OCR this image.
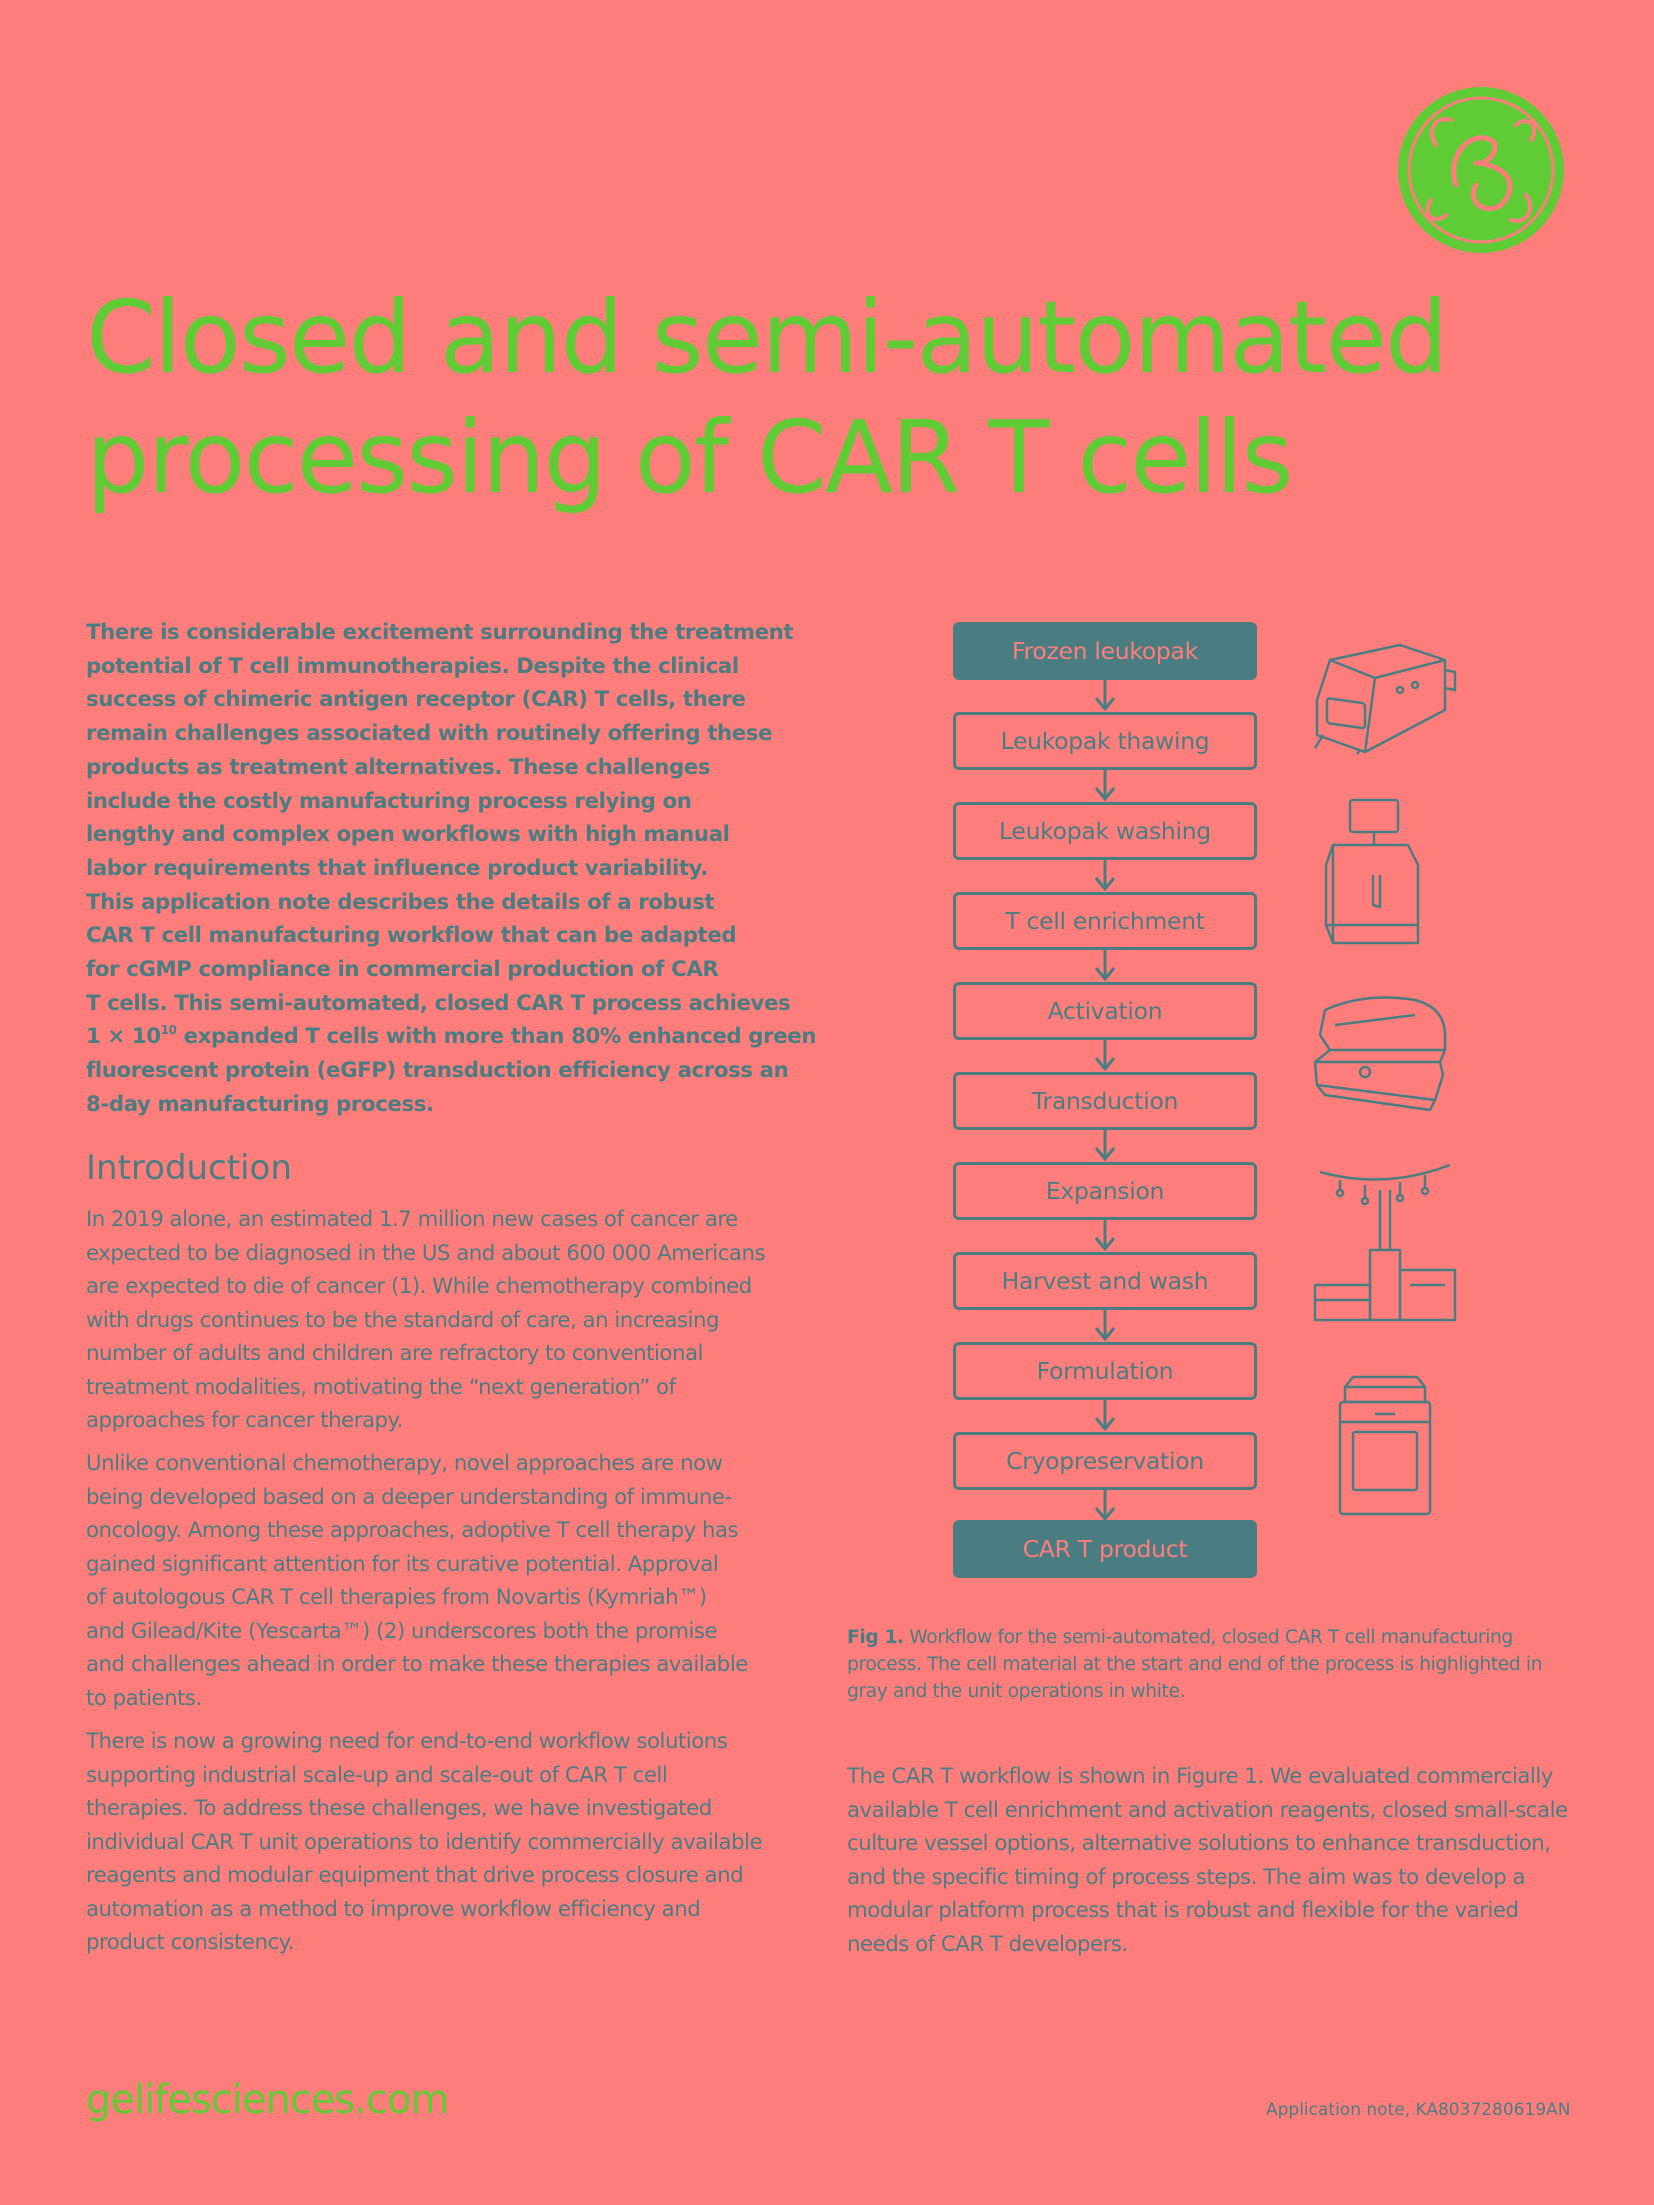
GE
Closed and semi-automated
processing of CAR T cells

There is considerable excitement surrounding the treatment
potential of T cell immunotherapies. Despite the clinical
success of chimeric antigen receptor (CAR) T cells, there
remain challenges associated with routinely offering these
products as treatment alternatives. These challenges
include the costly manufacturing process relying on
lengthy and complex open workflows with high manual
labor requirements that influence product variability.
This application note describes the details of a robust
CAR T cell manufacturing workflow that can be adapted
for cGMP compliance in commercial production of CAR
T cells. This semi-automated, closed CAR T process achieves
$1 \times 10^{10}$ expanded T cells with more than 80% enhanced green
fluorescent protein (eGFP) transduction efficiency across an
8-day manufacturing process.

Introduction

In 2019 alone, an estimated 1.7 million new cases of cancer are
expected to be diagnosed in the US and about 600 000 Americans
are expected to die of cancer (1). While chemotherapy combined
with drugs continues to be the standard of care, an increasing
number of adults and children are refractory to conventional
treatment modalities, motivating the “next generation” of
approaches for cancer therapy.

Unlike conventional chemotherapy, novel approaches are now
being developed based on a deeper understanding of immune-
oncology. Among these approaches, adoptive T cell therapy has
gained significant attention for its curative potential. Approval
of autologous CAR T cell therapies from Novartis (Kymriah™)
and Gilead/Kite (Yescarta™) (2) underscores both the promise
and challenges ahead in order to make these therapies available
to patients.

There is now a growing need for end-to-end workflow solutions
supporting industrial scale-up and scale-out of CAR T cell
therapies. To address these challenges, we have investigated
individual CAR T unit operations to identify commercially available
reagents and modular equipment that drive process closure and
automation as a method to improve workflow efficiency and
product consistency.

Frozen leukopak
Leukopak thawing
Leukopak washing
T cell enrichment
Activation
Transduction
Expansion
Harvest and wash
Formulation
Cryopreservation
CAR T product

Fig 1. Workflow for the semi-automated, closed CAR T cell manufacturing
process. The cell material at the start and end of the process is highlighted in
gray and the unit operations in white.

The CAR T workflow is shown in Figure 1. We evaluated commercially
available T cell enrichment and activation reagents, closed small-scale
culture vessel options, alternative solutions to enhance transduction,
and the specific timing of process steps. The aim was to develop a
modular platform process that is robust and flexible for the varied
needs of CAR T developers.

gelifesciences.com	Application note, KA8037280619AN
